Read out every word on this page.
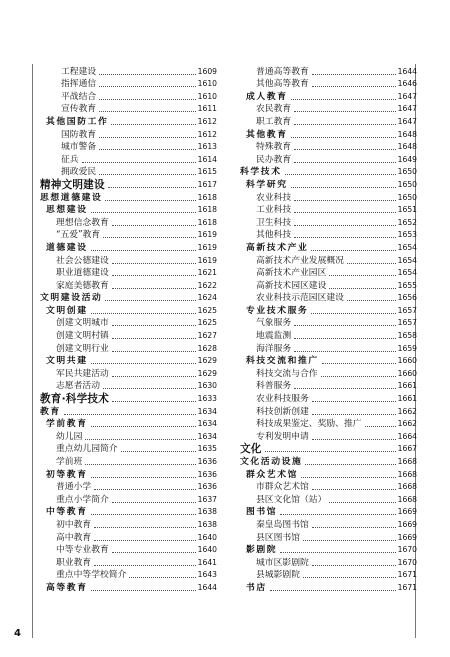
工程建设	1609
指挥通信	1610
平战结合	1610
宣传教育	1611
其他国防工作	1612
国防教育	1612
城市警备	1613
征兵	1614
拥政爱民	1615
精神文明建设	1617
思想道德建设	1618
思想建设	1618
理想信念教育	1618
“五爱”教育	1619
道德建设	1619
社会公德建设	1619
职业道德建设	1621
家庭美德教育	1622
文明建设活动	1624
文明创建	1625
创建文明城市	1625
创建文明村镇	1627
创建文明行业	1628
文明共建	1629
军民共建活动	1629
志愿者活动	1630
教育·科学技术	1633
教育	1634
学前教育	1634
幼儿园	1634
重点幼儿园简介	1635
学前班	1636
初等教育	1636
普通小学	1636
重点小学简介	1637
中等教育	1638
初中教育	1638
高中教育	1640
中等专业教育	1640
职业教育	1641
重点中等学校简介	1643
高等教育	1644
普通高等教育	1644
其他高等教育	1646
成人教育	1647
农民教育	1647
职工教育	1647
其他教育	1648
特殊教育	1648
民办教育	1649
科学技术	1650
科学研究	1650
农业科技	1650
工业科技	1651
卫生科技	1652
其他科技	1653
高新技术产业	1654
高新技术产业发展概况	1654
高新技术产业园区	1654
高新技术园区建设	1655
农业科技示范园区建设	1656
专业技术服务	1657
气象服务	1657
地震监测	1658
海洋服务	1659
科技交流和推广	1660
科技交流与合作	1660
科普服务	1661
农业科技服务	1661
科技创新创建	1662
科技成果鉴定、奖励、推广	1662
专利发明申请	1664
文化	1667
文化活动设施	1668
群众艺术馆	1668
市群众艺术馆	1668
县区文化馆（站）	1668
图书馆	1669
秦皇岛图书馆	1669
县区图书馆	1669
影剧院	1670
城市区影剧院	1670
县城影剧院	1671
书店	1671
4
